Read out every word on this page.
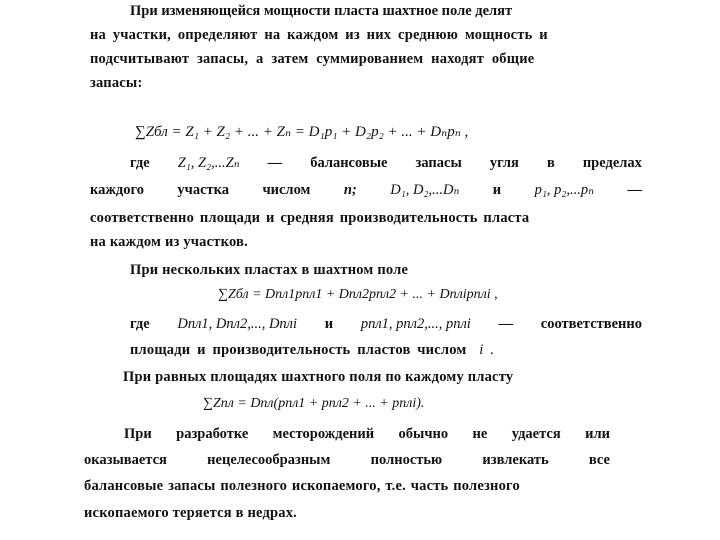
При изменяющейся мощности пласта шахтное поле делят
на участки, определяют на каждом из них среднюю мощность и
подсчитывают запасы, а затем суммированием находят общие
запасы:
∑Zбл = Z₁ + Z₂ + ... + Zₙ = D₁p₁ + D₂p₂ + ... + Dₙpₙ ,
где Z₁, Z₂,...Zₙ — балансовые запасы угля в пределах
каждого участка числом n; D₁, D₂,...Dₙ и p₁, p₂,...pₙ —
соответственно площади и средняя производительность пласта
на каждом из участков.
При нескольких пластах в шахтном поле
∑Zбл = Dпл1pпл1 + Dпл2pпл2 + ... + Dплipплi ,
где Dпл1, Dпл2,..., Dплi и pпл1, pпл2,..., pплi — соответственно
площади и производительность пластов числом i .
При равных площадях шахтного поля по каждому пласту
∑Zпл = Dпл(pпл1 + pпл2 + ... + pплi).
При разработке месторождений обычно не удается или
оказывается	нецелесообразным	полностью	извлекать	все
балансовые запасы полезного ископаемого, т.е. часть полезного
ископаемого теряется в недрах.
